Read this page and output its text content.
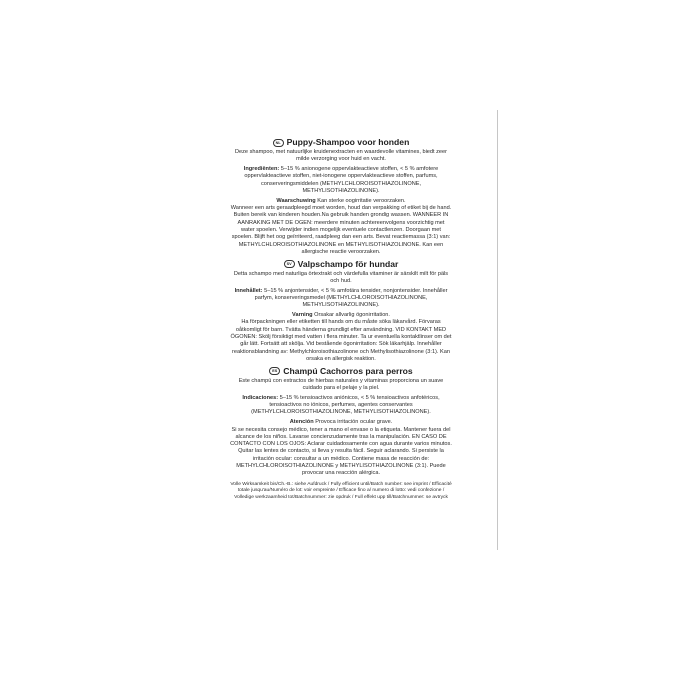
NL Puppy-Shampoo voor honden
Deze shampoo, met natuurlijke kruidenextracten en waardevolle vitamines, biedt zeer milde verzorging voor huid en vacht.
Ingrediënten: 5–15 % anionogene oppervlakteactieve stoffen, < 5 % amfotere oppervlakteactieve stoffen, niet-ionogene oppervlakteactieve stoffen, parfums, conserveringsmiddelen (METHYLCHLOROISOTHIAZOLINONE, METHYLISOTHIAZOLINONE).
Waarschuwing Kan sterke oogirritatie veroorzaken.
Wanneer een arts geraadpleegd moet worden, houd dan verpakking of etiket bij de hand. Buiten bereik van kinderen houden.Na gebruik handen grondig wassen. WANNEER IN AANRAKING MET DE OGEN: meerdere minuten achtereenvolgens voorzichtig met water spoelen. Verwijder indien mogelijk eventuele contactlenzen. Doorgaan met spoelen. Blijft het oog geïrriteerd, raadpleeg dan een arts. Bevat reactiemassa (3:1) van: METHYLCHLOROISOTHIAZOLINONE en METHYLISOTHIAZOLINONE. Kan een allergische reactie veroorzaken.
SV Valpschampo för hundar
Detta schampo med naturliga örtextrakt och värdefulla vitaminer är särskilt milt för päls och hud.
Innehållet: 5–15 % anjontensider, < 5 % amfotära tensider, nonjontensider. Innehåller parfym, konserveringsmedel (METHYLCHLOROISOTHIAZOLINONE, METHYLISOTHIAZOLINONE).
Varning Orsakar allvarlig ögonirritation.
Ha förpackningen eller etiketten till hands om du måste söka läkarvård. Förvaras oåtkomligt för barn. Tvätta händerna grundligt efter användning. VID KONTAKT MED ÖGONEN: Skölj försiktigt med vatten i flera minuter. Ta ur eventuella kontaktlinser om det går lätt. Fortsätt att skölja. Vid bestående ögonirritation: Sök läkarhjälp. Innehåller reaktionsblandning av: Methylchloroisothiazolinone och Methylisothiazolinone (3:1). Kan orsaka en allergisk reaktion.
ES Champú Cachorros para perros
Este champú con extractos de hierbas naturales y vitaminas proporciona un suave cuidado para el pelaje y la piel.
Indicaciones: 5–15 % tensioactivos aniónicos, < 5 % tensioactivos anfotéricos, tensioactivos no iónicos, perfumes, agentes conservantes (METHYLCHLOROISOTHIAZOLINONE, METHYLISOTHIAZOLINONE).
Atención Provoca irritación ocular grave.
Si se necesita consejo médico, tener a mano el envase o la etiqueta. Mantener fuera del alcance de los niños. Lavarse concienzudamente tras la manipulación. EN CASO DE CONTACTO CON LOS OJOS: Aclarar cuidadosamente con agua durante varios minutos. Quitar las lentes de contacto, si lleva y resulta fácil. Seguir aclarando. Si persiste la irritación ocular: consultar a un médico. Contiene masa de reacción de: METHYLCHLOROISOTHIAZOLINONE y METHYLISOTHIAZOLINONE (3:1). Puede provocar una reacción alérgica.
Volle Wirksamkeit bis/Ch.-B.: siehe Aufdruck / Fully efficient until/Batch number: see imprint / Efficacité totale jusqu'au/Numéro de lot: voir empreinte / Efficace fino a/ numero di lotto: vedi confezione / Volledige werkzaamheid tot/Batchnummer: zie opdruk / Full effekt upp till/Batchnummer: se avtryck
